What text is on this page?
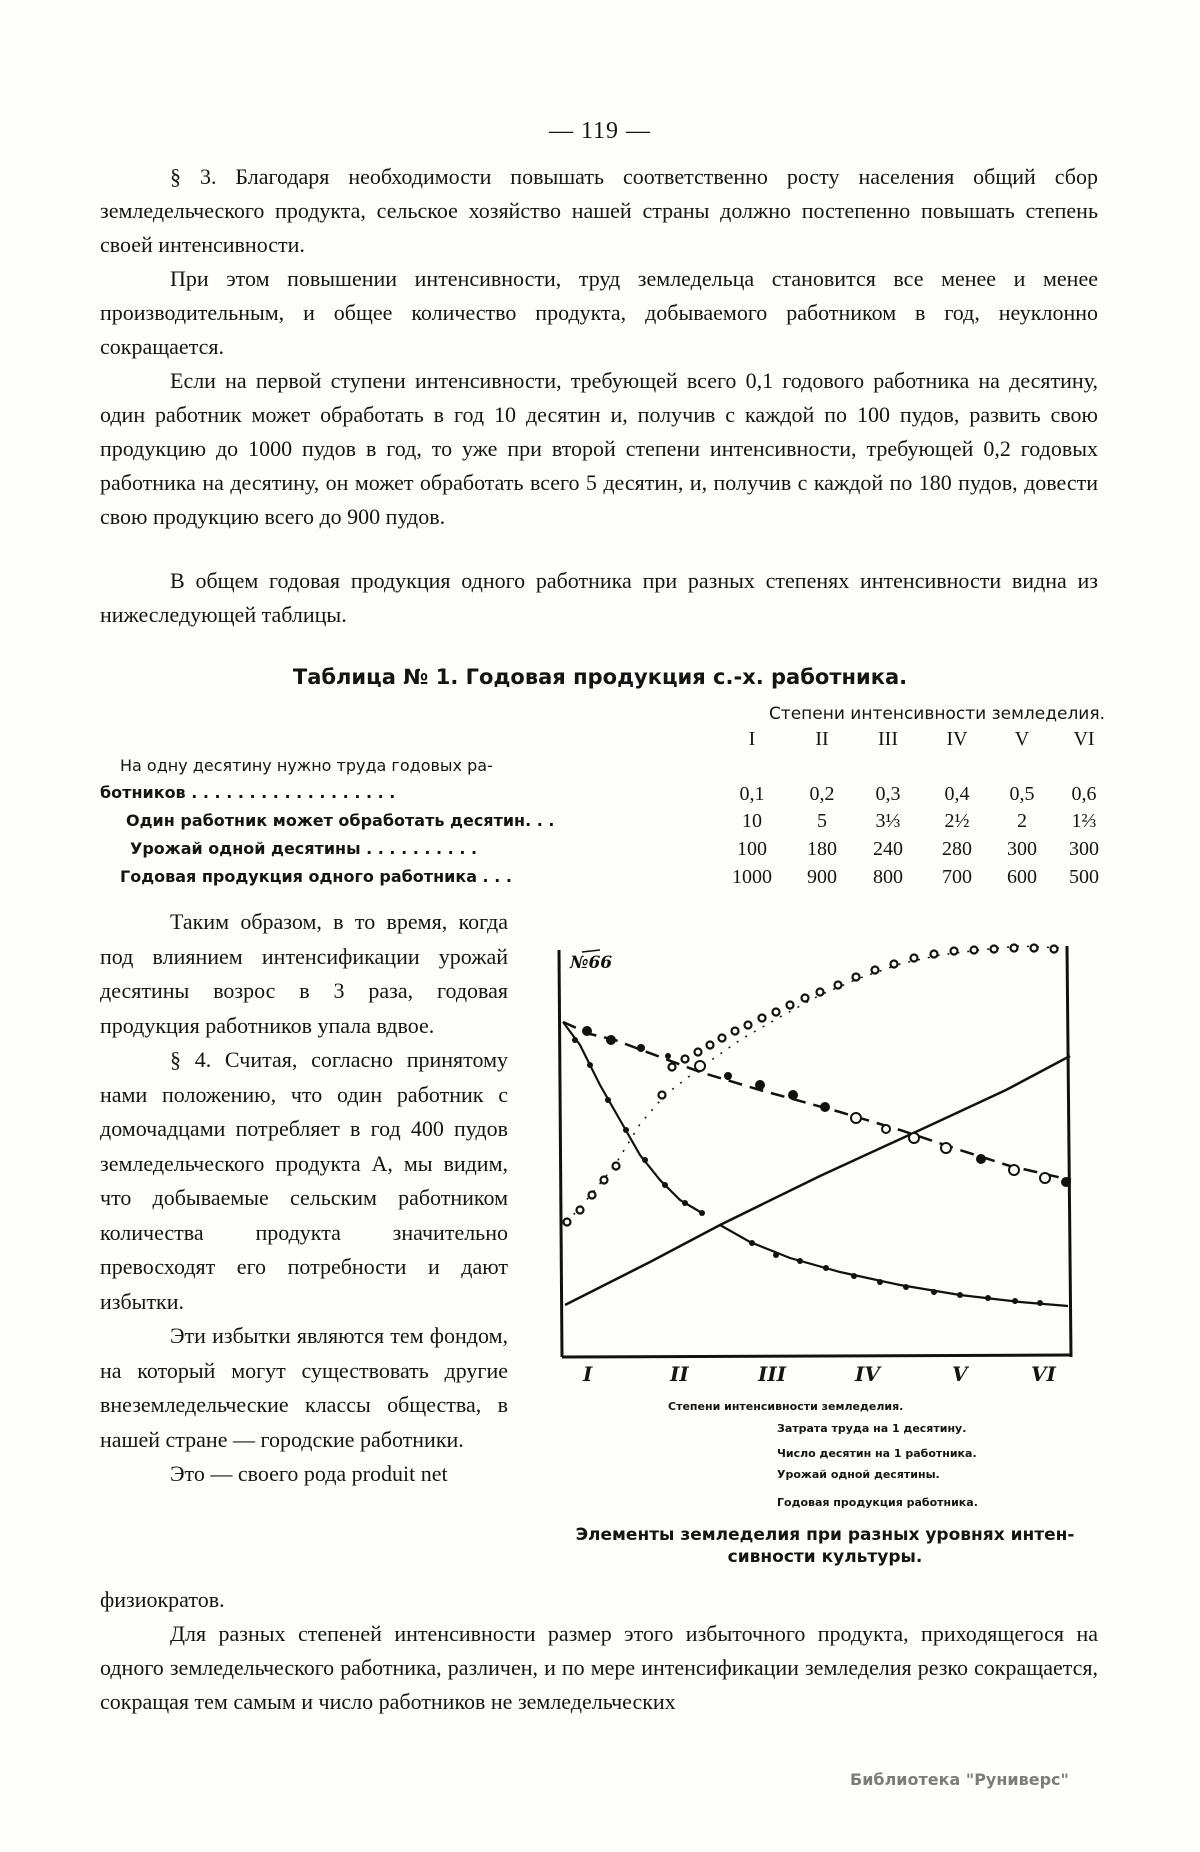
— 119 —
§ 3. Благодаря необходимости повышать соответственно росту населения общий сбор земледельческого продукта, сельское хозяйство нашей страны должно постепенно повышать степень своей интенсивности.
При этом повышении интенсивности, труд земледельца становится все менее и менее производительным, и общее количество продукта, добываемого работником в год, неуклонно сокращается.
Если на первой ступени интенсивности, требующей всего 0,1 годового работника на десятину, один работник может обработать в год 10 десятин и, получив с каждой по 100 пудов, развить свою продукцию до 1000 пудов в год, то уже при второй степени интенсивности, требующей 0,2 годовых работника на десятину, он может обработать всего 5 десятин, и, получив с каждой по 180 пудов, довести свою продукцию всего до 900 пудов.
В общем годовая продукция одного работника при разных степенях интенсивности видна из нижеследующей таблицы.
Таблица № 1. Годовая продукция с.-х. работника.
Степени интенсивности земледелия.
I	II	III	IV	V	VI
На одну десятину нужно труда годовых ра-
ботников . . . . . . . . . . . . . . . . . .	0,1	0,2	0,3	0,4	0,5	0,6
Один работник может обработать десятин. . .	10	5	3⅓	2½	2	1⅔
Урожай одной десятины . . . . . . . . . .	100	180	240	280	300	300
Годовая продукция одного работника . . .	1000	900	800	700	600	500

Таким образом, в то время, когда под влиянием интенсификации урожай десятины возрос в 3 раза, годовая продукция работников упала вдвое.

§ 4. Считая, согласно принятому нами положению, что один работник с домочадцами потребляет в год 400 пудов земледельческого продукта А, мы видим, что добываемые сельским работником количества продукта значительно превосходят его потребности и дают избытки.

Эти избытки являются тем фондом, на который могут существовать другие внеземледельческие классы общества, в нашей стране — городские работники.

Это — своего рода produit net

физиократов.
№66
I	II	III	IV	V	VI
Степени интенсивности земледелия.
Затрата труда на 1 десятину.
Число десятин на 1 работника.
Урожай одной десятины.
Годовая продукция работника.
Элементы земледелия при разных уровнях интен-
сивности культуры.
Для разных степеней интенсивности размер этого избыточного продукта, приходящегося на одного земледельческого работника, различен, и по мере интенсификации земледелия резко сокращается, сокращая тем самым и число работников не земледельческих
Библиотека "Руниверс"
